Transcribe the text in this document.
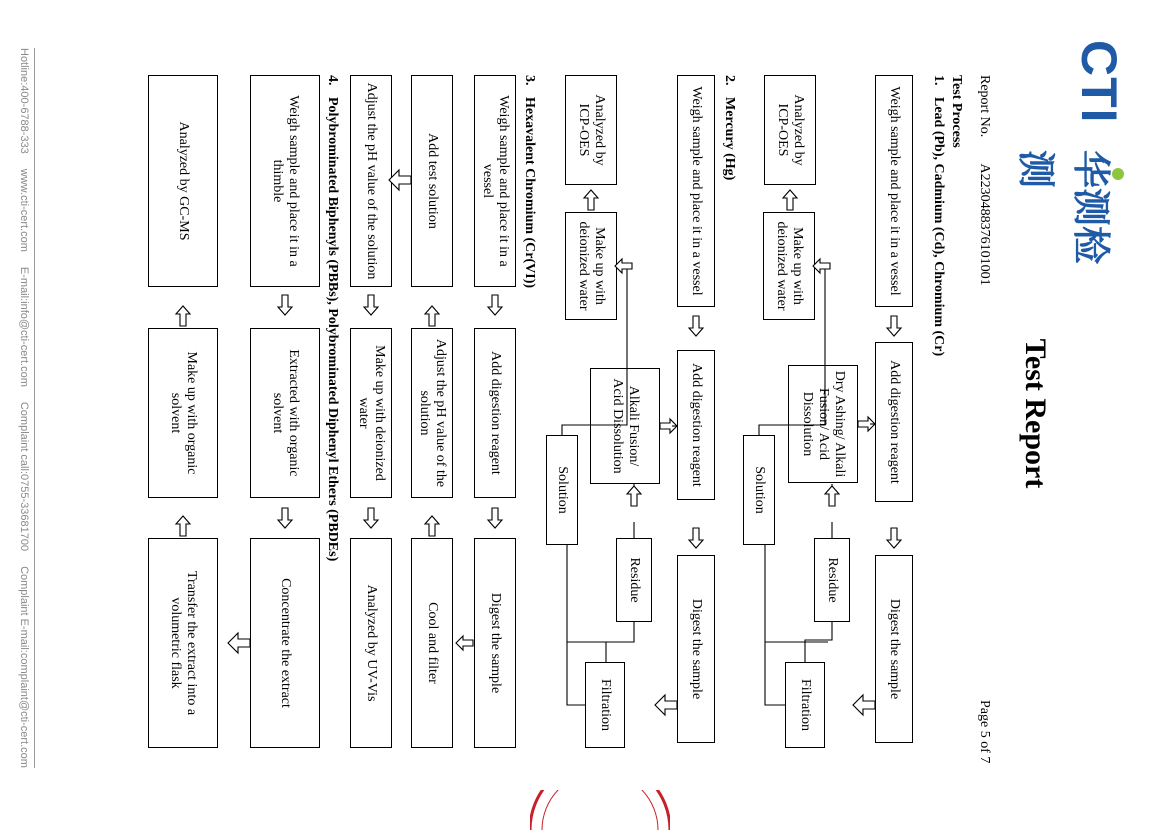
CTI
华测检测
Test Report
Report No.  A2230488376101001
Page 5 of 7
Test Process
1.Lead (Pb), Cadmium (Cd), Chromium (Cr)
Weigh sample and place it in a vessel
Add digestion reagent
Digest the sample
Dry Ashing/ Alkali Fusion/ Acid Dissolution
Residue
Filtration
Solution
Make up with deionized water
Analyzed by ICP-OES
2.Mercury (Hg)
Weigh sample and place it in a vessel
Add digestion reagent
Digest the sample
Alkali Fusion/ Acid Dissolution
Residue
Filtration
Solution
Make up with deionized water
Analyzed by ICP-OES
3.Hexavalent Chromium (Cr(VI))
Weigh sample and place it in a vessel
Add digestion reagent
Digest the sample
Add test solution
Adjust the pH value of the solution
Cool and filter
Adjust the pH value of the solution
Make up with deionized water
Analyzed by UV-Vis
4.Polybrominated Biphenyls (PBBs), Polybrominated Diphenyl Ethers (PBDEs)
Weigh sample and place it in a thimble
Extracted with organic solvent
Concentrate the extract
Analyzed by GC-MS
Make up with organic solvent
Transfer the extract into a volumetric flask
Hotline:400-6788-333
www.cti-cert.com
E-mail:info@cti-cert.com
Complaint call:0755-33681700
Complaint E-mail:complaint@cti-cert.com
